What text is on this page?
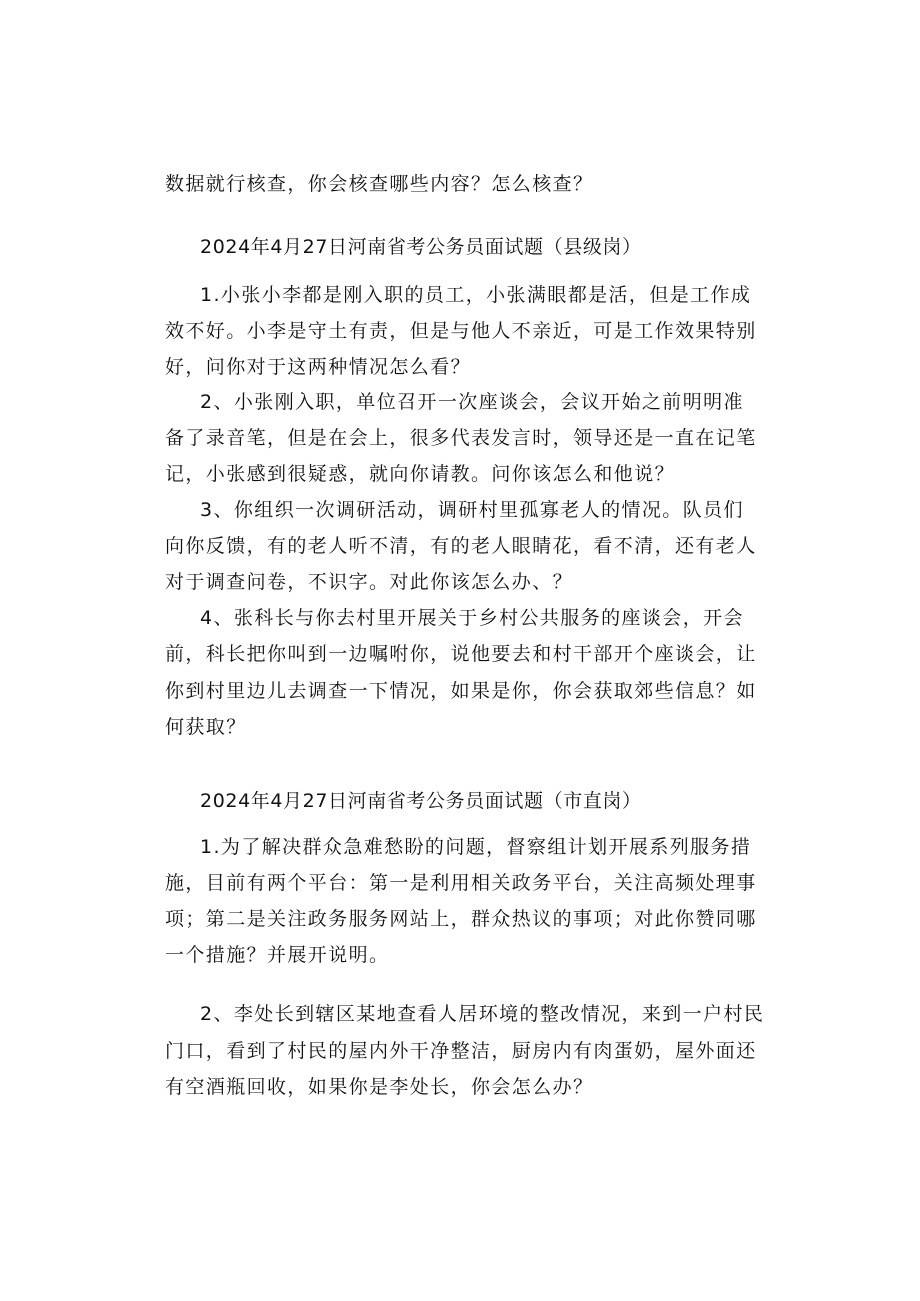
数据就行核查，你会核查哪些内容？怎么核查？
2024年4月27日河南省考公务员面试题（县级岗）
1.小张小李都是刚入职的员工，小张满眼都是活，但是工作成
效不好。小李是守土有责，但是与他人不亲近，可是工作效果特别
好，问你对于这两种情况怎么看？
2、小张刚入职，单位召开一次座谈会，会议开始之前明明准
备了录音笔，但是在会上，很多代表发言时，领导还是一直在记笔
记，小张感到很疑惑，就向你请教。问你该怎么和他说？
3、你组织一次调研活动，调研村里孤寡老人的情况。队员们
向你反馈，有的老人听不清，有的老人眼睛花，看不清，还有老人
对于调查问卷，不识字。对此你该怎么办、？
4、张科长与你去村里开展关于乡村公共服务的座谈会，开会
前，科长把你叫到一边嘱咐你，说他要去和村干部开个座谈会，让
你到村里边儿去调查一下情况，如果是你，你会获取郊些信息？如
何获取？
2024年4月27日河南省考公务员面试题（市直岗）
1.为了解决群众急难愁盼的问题，督察组计划开展系列服务措
施，目前有两个平台：第一是利用相关政务平台，关注高频处理事
项；第二是关注政务服务网站上，群众热议的事项；对此你赞同哪
一个措施？并展开说明。
2、李处长到辖区某地查看人居环境的整改情况，来到一户村民
门口，看到了村民的屋内外干净整洁，厨房内有肉蛋奶，屋外面还
有空酒瓶回收，如果你是李处长，你会怎么办？
